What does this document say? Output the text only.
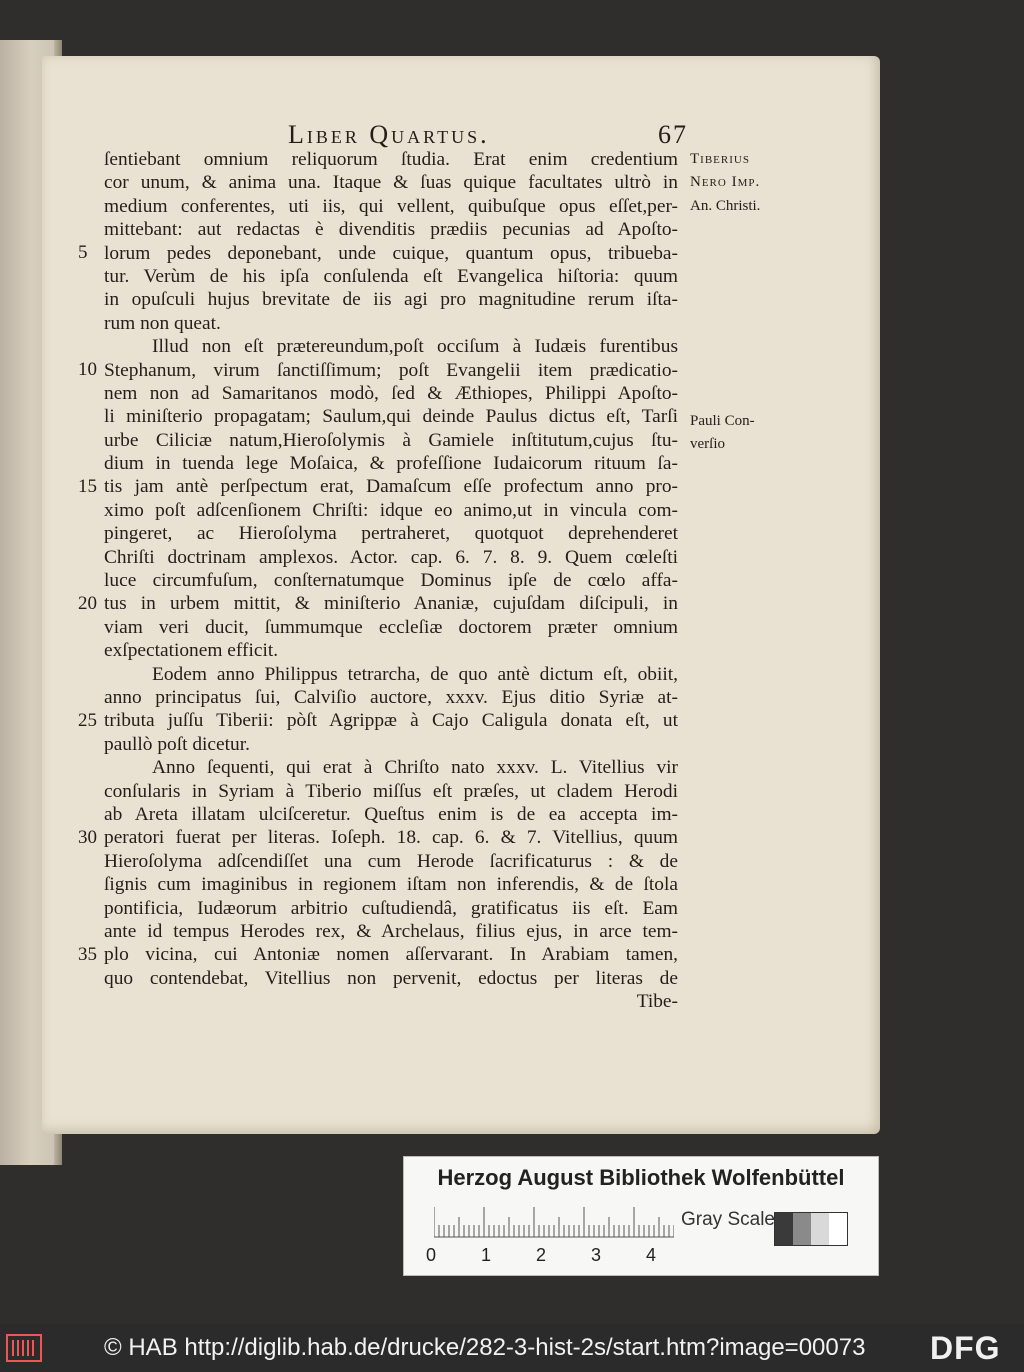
Liber Quartus.	67
ſentiebant omnium reliquorum ſtudia. Erat enim credentium
cor unum, & anima una. Itaque & ſuas quique facultates ultrò in
medium conferentes, uti iis, qui vellent, quibuſque opus eſſet,per-
mittebant: aut redactas è divenditis prædiis pecunias ad Apoſto-
lorum pedes deponebant, unde cuique, quantum opus, tribueba-
tur. Verùm de his ipſa conſulenda eſt Evangelica hiſtoria: quum
in opuſculi hujus brevitate de iis agi pro magnitudine rerum iſta-
rum non queat.
Illud non eſt prætereundum,poſt occiſum à Iudæis furentibus
Stephanum, virum ſanctiſſimum; poſt Evangelii item prædicatio-
nem non ad Samaritanos modò, ſed & Æthiopes, Philippi Apoſto-
li miniſterio propagatam; Saulum,qui deinde Paulus dictus eſt, Tarſi
urbe Ciliciæ natum,Hieroſolymis à Gamiele inſtitutum,cujus ſtu-
dium in tuenda lege Moſaica, & profeſſione Iudaicorum rituum ſa-
tis jam antè perſpectum erat, Damaſcum eſſe profectum anno pro-
ximo poſt adſcenſionem Chriſti: idque eo animo,ut in vincula com-
pingeret, ac Hieroſolyma pertraheret, quotquot deprehenderet
Chriſti doctrinam amplexos. Actor. cap. 6. 7. 8. 9. Quem cœleſti
luce circumfuſum, conſternatumque Dominus ipſe de cœlo affa-
tus in urbem mittit, & miniſterio Ananiæ, cujuſdam diſcipuli, in
viam veri ducit, ſummumque eccleſiæ doctorem præter omnium
exſpectationem efficit.
Eodem anno Philippus tetrarcha, de quo antè dictum eſt, obiit,
anno principatus ſui, Calviſio auctore, xxxv. Ejus ditio Syriæ at-
tributa juſſu Tiberii: pòſt Agrippæ à Cajo Caligula donata eſt, ut
paullò poſt dicetur.
Anno ſequenti, qui erat à Chriſto nato xxxv. L. Vitellius vir
conſularis in Syriam à Tiberio miſſus eſt præſes, ut cladem Herodi
ab Areta illatam ulciſceretur. Queſtus enim is de ea accepta im-
peratori fuerat per literas. Ioſeph. 18. cap. 6. & 7. Vitellius, quum
Hieroſolyma adſcendiſſet una cum Herode ſacrificaturus : & de
ſignis cum imaginibus in regionem iſtam non inferendis, & de ſtola
pontificia, Iudæorum arbitrio cuſtudiendâ, gratificatus iis eſt. Eam
ante id tempus Herodes rex, & Archelaus, filius ejus, in arce tem-
plo vicina, cui Antoniæ nomen aſſervarant. In Arabiam tamen,
quo contendebat, Vitellius non pervenit, edoctus per literas de
Tibe-
5
10
15
20
25
30
35
Tiberius
Nero Imp.
An. Christi.
Pauli Con-
verſio
Herzog August Bibliothek Wolfenbüttel
0 1 2 3 4
Gray Scale
© HAB http://diglib.hab.de/drucke/282-3-hist-2s/start.htm?image=00073 DFG
